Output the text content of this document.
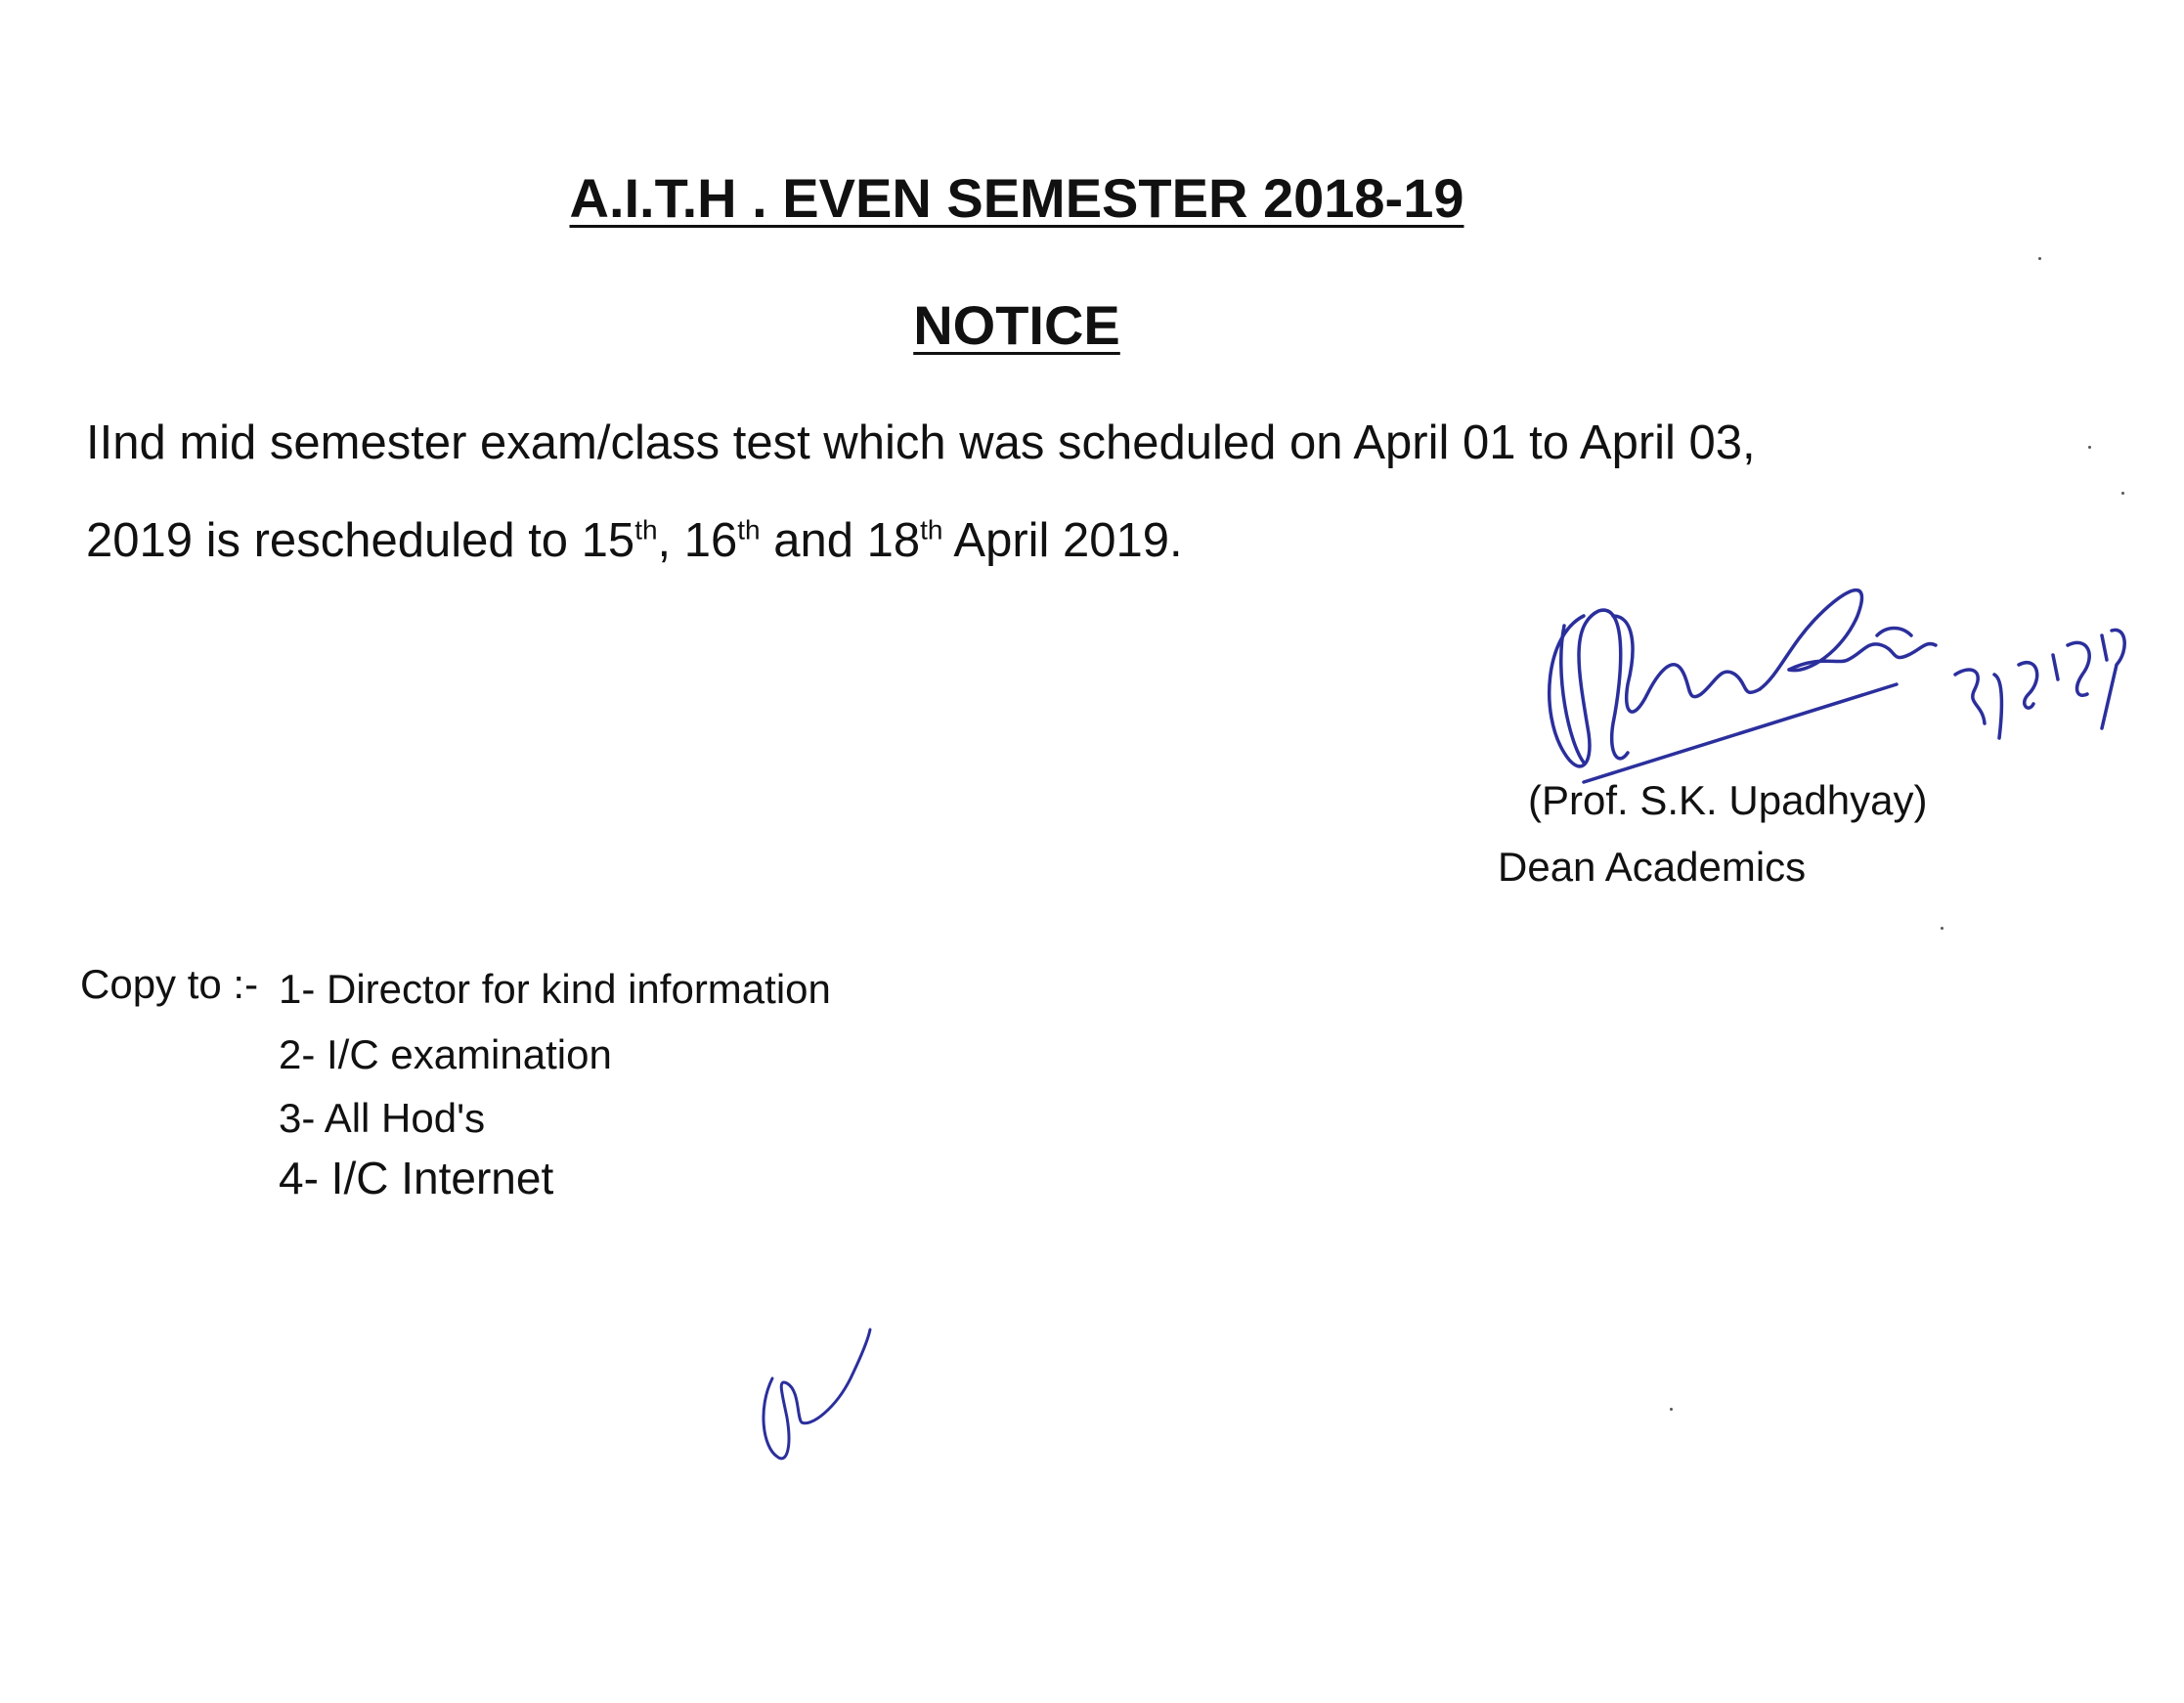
A.I.T.H . EVEN SEMESTER 2018-19
NOTICE

IInd mid semester exam/class test which was scheduled on April 01 to April 03,

2019 is rescheduled to 15th, 16th and 18th April 2019.

(Prof. S.K. Upadhyay)
Dean Academics
Copy to :- 1- Director for kind information
2- I/C examination
3- All Hod's
4- I/C Internet
